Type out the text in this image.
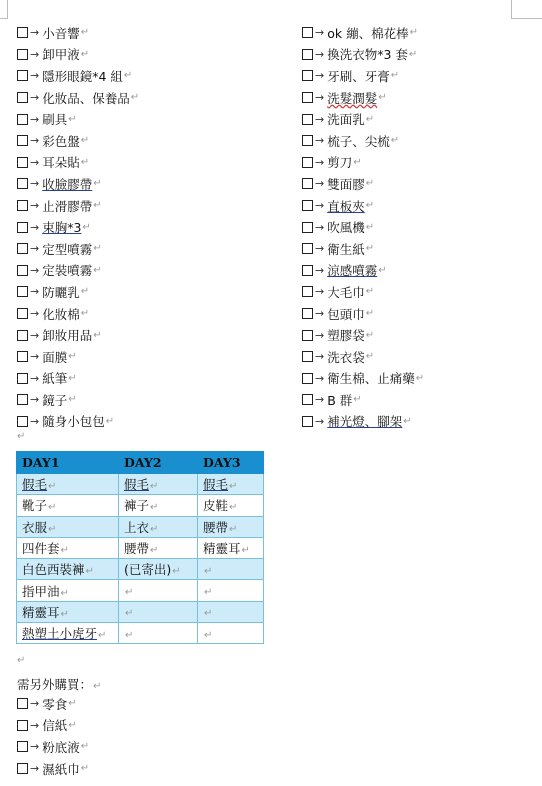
→ 小音響 ↵
→ 卸甲液 ↵
→ 隱形眼鏡*4 組 ↵
→ 化妝品、保養品 ↵
→ 刷具 ↵
→ 彩色盤 ↵
→ 耳朵貼 ↵
→ 收臉膠帶 ↵
→ 止滑膠帶 ↵
→ 束胸*3 ↵
→ 定型噴霧 ↵
→ 定裝噴霧 ↵
→ 防曬乳 ↵
→ 化妝棉 ↵
→ 卸妝用品 ↵
→ 面膜 ↵
→ 紙筆 ↵
→ 鏡子 ↵
→ 隨身小包包 ↵
→ ok 繃、棉花棒 ↵
→ 換洗衣物*3 套 ↵
→ 牙刷、牙膏 ↵
→ 洗髮潤髮 ↵
→ 洗面乳 ↵
→ 梳子、尖梳 ↵
→ 剪刀 ↵
→ 雙面膠 ↵
→ 直板夾 ↵
→ 吹風機 ↵
→ 衛生紙 ↵
→ 涼感噴霧 ↵
→ 大毛巾 ↵
→ 包頭巾 ↵
→ 塑膠袋 ↵
→ 洗衣袋 ↵
→ 衛生棉、止痛藥 ↵
→ B 群 ↵
→ 補光燈、腳架 ↵
↵
DAY1	DAY2	DAY3
假毛↵	假毛↵	假毛↵
靴子↵	褲子↵	皮鞋↵
衣服↵	上衣↵	腰帶↵
四件套↵	腰帶↵	精靈耳↵
白色西裝褲↵	(已寄出)↵	↵
指甲油↵	↵	↵
精靈耳↵	↵	↵
熱塑土小虎牙↵	↵	↵
↵
需另外購買：↵
→ 零食 ↵
→ 信紙 ↵
→ 粉底液 ↵
→ 濕紙巾 ↵
